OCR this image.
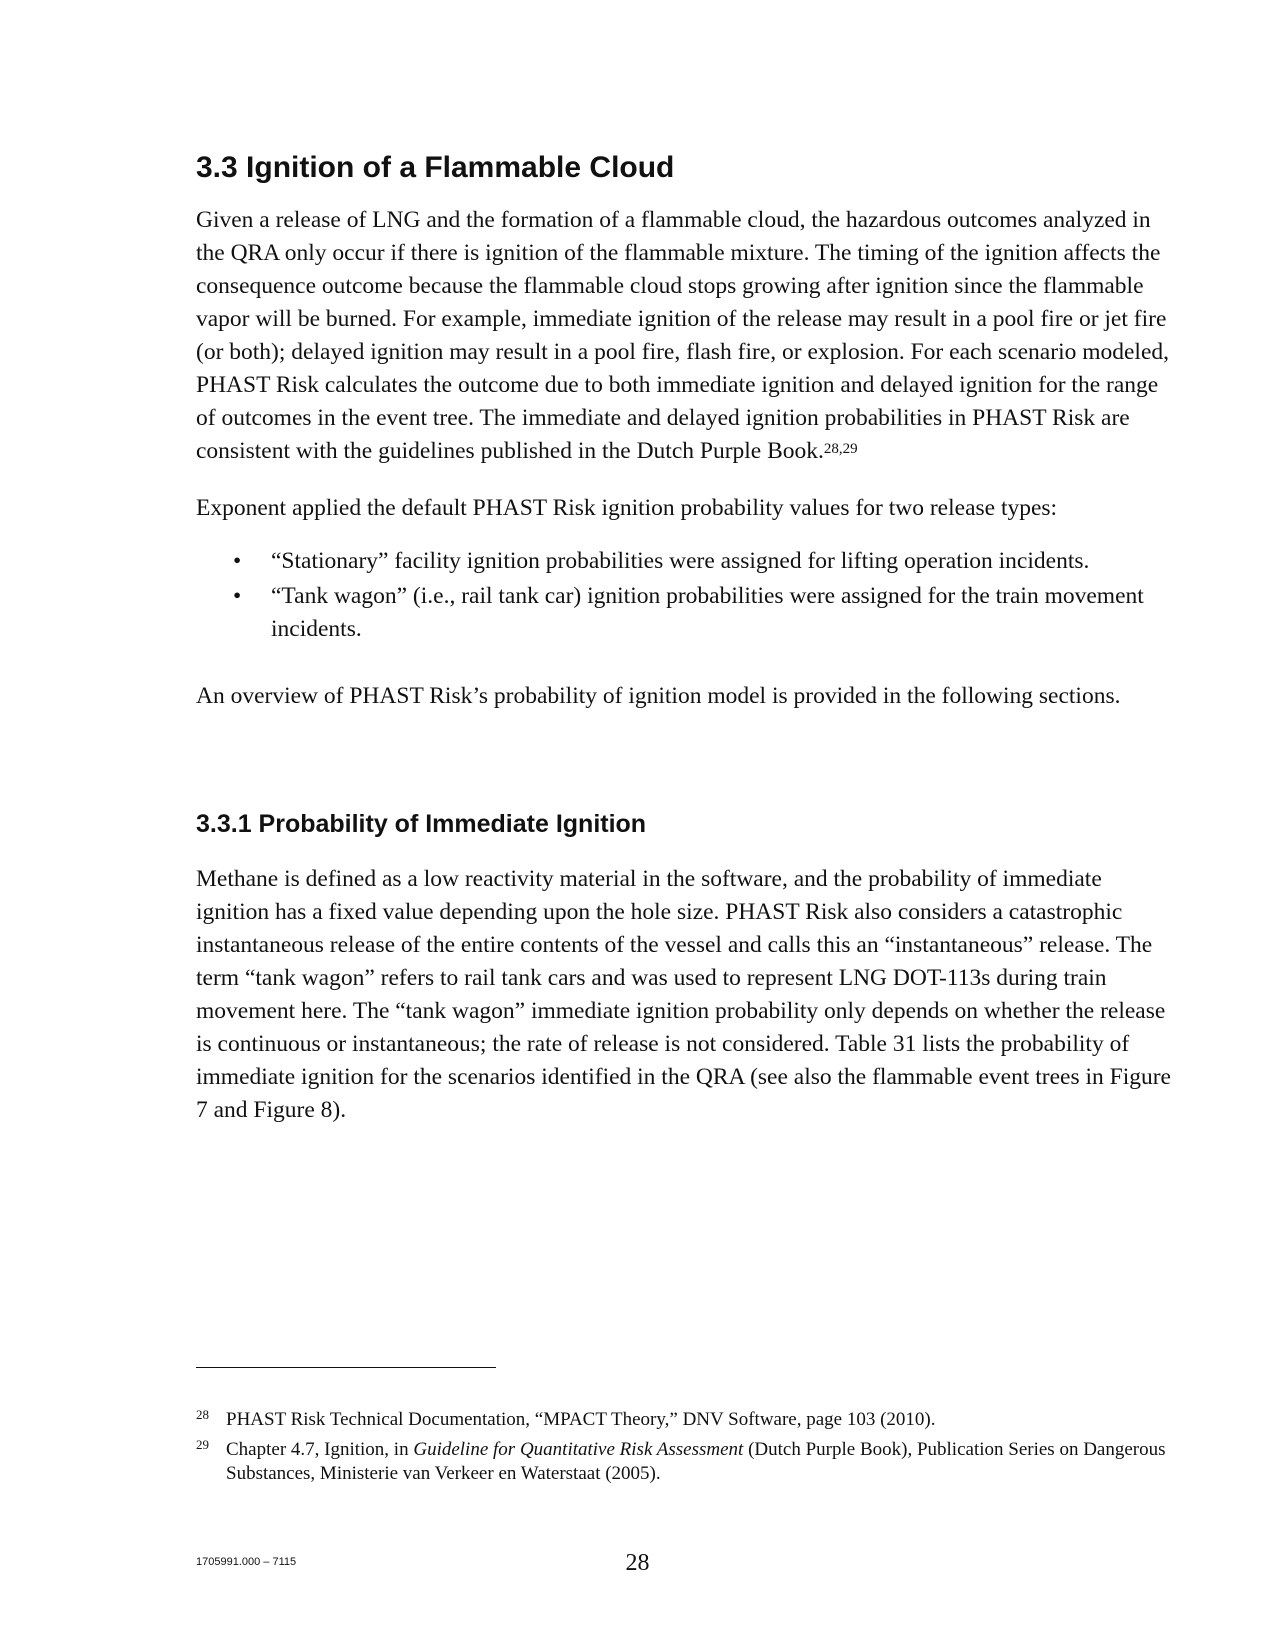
3.3 Ignition of a Flammable Cloud

Given a release of LNG and the formation of a flammable cloud, the hazardous outcomes analyzed in the QRA only occur if there is ignition of the flammable mixture. The timing of the ignition affects the consequence outcome because the flammable cloud stops growing after ignition since the flammable vapor will be burned. For example, immediate ignition of the release may result in a pool fire or jet fire (or both); delayed ignition may result in a pool fire, flash fire, or explosion. For each scenario modeled, PHAST Risk calculates the outcome due to both immediate ignition and delayed ignition for the range of outcomes in the event tree. The immediate and delayed ignition probabilities in PHAST Risk are consistent with the guidelines published in the Dutch Purple Book.$^{28,29}$

Exponent applied the default PHAST Risk ignition probability values for two release types:

• “Stationary” facility ignition probabilities were assigned for lifting operation incidents.
• “Tank wagon” (i.e., rail tank car) ignition probabilities were assigned for the train movement incidents.

An overview of PHAST Risk’s probability of ignition model is provided in the following sections.

3.3.1 Probability of Immediate Ignition

Methane is defined as a low reactivity material in the software, and the probability of immediate ignition has a fixed value depending upon the hole size. PHAST Risk also considers a catastrophic instantaneous release of the entire contents of the vessel and calls this an “instantaneous” release. The term “tank wagon” refers to rail tank cars and was used to represent LNG DOT-113s during train movement here. The “tank wagon” immediate ignition probability only depends on whether the release is continuous or instantaneous; the rate of release is not considered. Table 31 lists the probability of immediate ignition for the scenarios identified in the QRA (see also the flammable event trees in Figure 7 and Figure 8).

28 PHAST Risk Technical Documentation, “MPACT Theory,” DNV Software, page 103 (2010).
29 Chapter 4.7, Ignition, in Guideline for Quantitative Risk Assessment (Dutch Purple Book), Publication Series on Dangerous Substances, Ministerie van Verkeer en Waterstaat (2005).
1705991.000 – 7115	28
